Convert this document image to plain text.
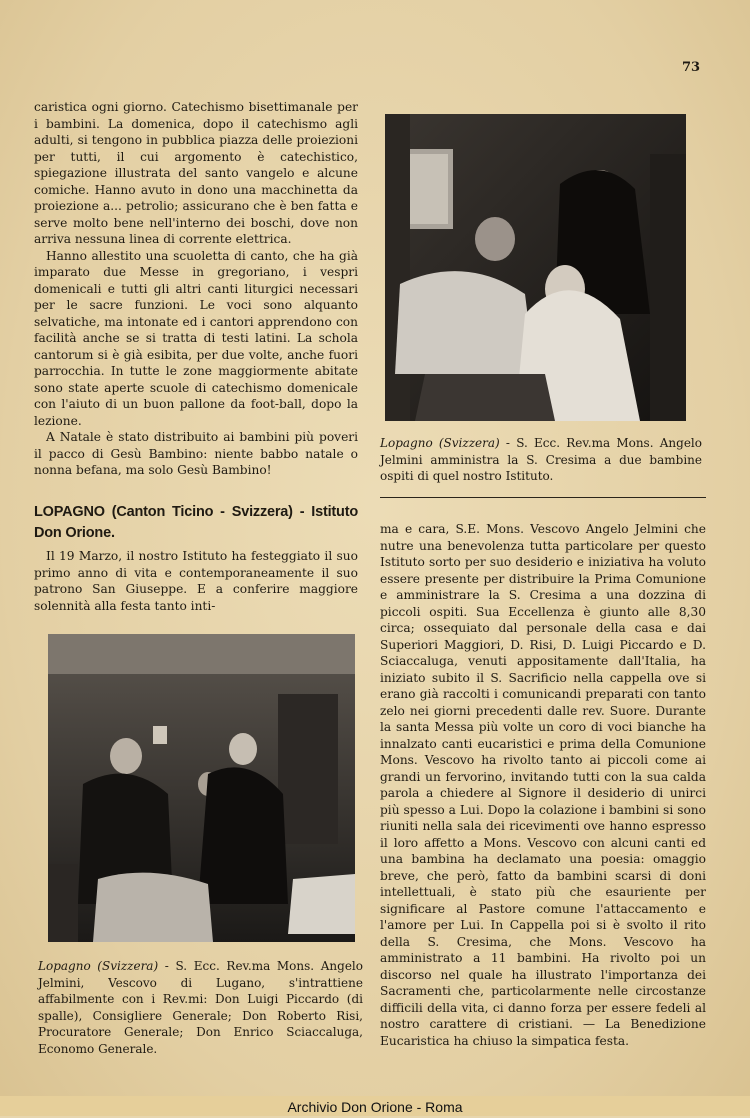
73

caristica ogni giorno. Catechismo bisettimanale per i bambini. La domenica, dopo il catechismo agli adulti, si tengono in pubblica piazza delle proiezioni per tutti, il cui argomento è catechistico, spiegazione illustrata del santo vangelo e alcune comiche. Hanno avuto in dono una macchinetta da proiezione a... petrolio; assicurano che è ben fatta e serve molto bene nell'interno dei boschi, dove non arriva nessuna linea di corrente elettrica.

Hanno allestito una scuoletta di canto, che ha già imparato due Messe in gregoriano, i vespri domenicali e tutti gli altri canti liturgici necessari per le sacre funzioni. Le voci sono alquanto selvatiche, ma intonate ed i cantori apprendono con facilità anche se si tratta di testi latini. La schola cantorum si è già esibita, per due volte, anche fuori parrocchia. In tutte le zone maggiormente abitate sono state aperte scuole di catechismo domenicale con l'aiuto di un buon pallone da foot-ball, dopo la lezione.

A Natale è stato distribuito ai bambini più poveri il pacco di Gesù Bambino: niente babbo natale o nonna befana, ma solo Gesù Bambino!

LOPAGNO (Canton Ticino - Svizzera) - Istituto Don Orione.

Il 19 Marzo, il nostro Istituto ha festeggiato il suo primo anno di vita e contemporaneamente il suo patrono San Giuseppe. E a conferire maggiore solennità alla festa tanto inti-

Lopagno (Svizzera) - S. Ecc. Rev.ma Mons. Angelo Jelmini amministra la S. Cresima a due bambine ospiti di quel nostro Istituto.

ma e cara, S.E. Mons. Vescovo Angelo Jelmini che nutre una benevolenza tutta particolare per questo Istituto sorto per suo desiderio e iniziativa ha voluto essere presente per distribuire la Prima Comunione e amministrare la S. Cresima a una dozzina di piccoli ospiti. Sua Eccellenza è giunto alle 8,30 circa; ossequiato dal personale della casa e dai Superiori Maggiori, D. Risi, D. Luigi Piccardo e D. Sciaccaluga, venuti appositamente dall'Italia, ha iniziato subito il S. Sacrificio nella cappella ove si erano già raccolti i comunicandi preparati con tanto zelo nei giorni precedenti dalle rev. Suore. Durante la santa Messa più volte un coro di voci bianche ha innalzato canti eucaristici e prima della Comunione Mons. Vescovo ha rivolto tanto ai piccoli come ai grandi un fervorino, invitando tutti con la sua calda parola a chiedere al Signore il desiderio di unirci più spesso a Lui. Dopo la colazione i bambini si sono riuniti nella sala dei ricevimenti ove hanno espresso il loro affetto a Mons. Vescovo con alcuni canti ed una bambina ha declamato una poesia: omaggio breve, che però, fatto da bambini scarsi di doni intellettuali, è stato più che esauriente per significare al Pastore comune l'attaccamento e l'amore per Lui. In Cappella poi si è svolto il rito della S. Cresima, che Mons. Vescovo ha amministrato a 11 bambini. Ha rivolto poi un discorso nel quale ha illustrato l'importanza dei Sacramenti che, particolarmente nelle circostanze difficili della vita, ci danno forza per essere fedeli al nostro carattere di cristiani. — La Benedizione Eucaristica ha chiuso la simpatica festa.

Lopagno (Svizzera) - S. Ecc. Rev.ma Mons. Angelo Jelmini, Vescovo di Lugano, s'intrattiene affabilmente con i Rev.mi: Don Luigi Piccardo (di spalle), Consigliere Generale; Don Roberto Risi, Procuratore Generale; Don Enrico Sciaccaluga, Economo Generale.
Archivio Don Orione - Roma
